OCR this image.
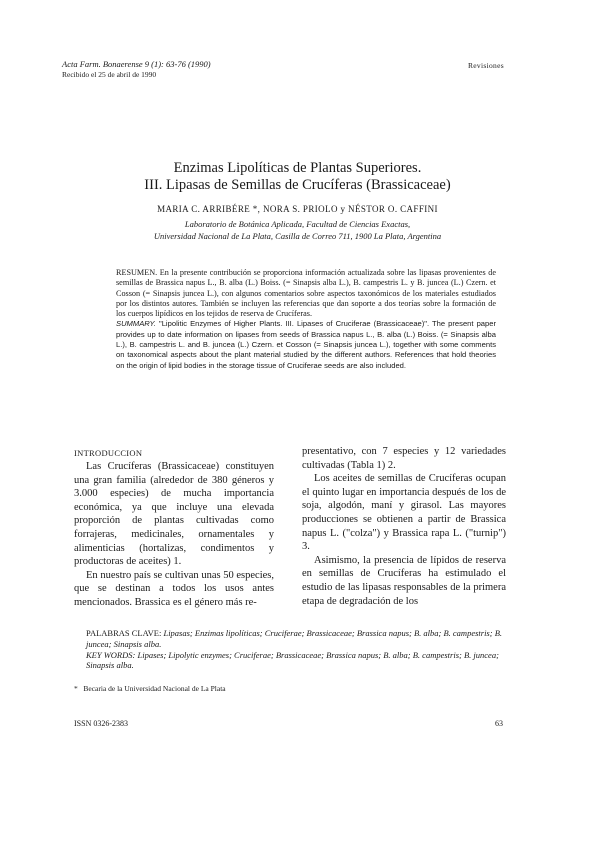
Acta Farm. Bonaerense 9 (1): 63-76 (1990)
Recibido el 25 de abril de 1990
Revisiones
Enzimas Lipolíticas de Plantas Superiores.
III. Lipasas de Semillas de Crucíferas (Brassicaceae)
MARIA C. ARRIBÉRE *, NORA S. PRIOLO y NÉSTOR O. CAFFINI
Laboratorio de Botánica Aplicada, Facultad de Ciencias Exactas,
Universidad Nacional de La Plata, Casilla de Correo 711, 1900 La Plata, Argentina

RESUMEN. En la presente contribución se proporciona información actualizada sobre las lipasas provenientes de semillas de Brassica napus L., B. alba (L.) Boiss. (= Sinapsis alba L.), B. campestris L. y B. juncea (L.) Czern. et Cosson (= Sinapsis juncea L.), con algunos comentarios sobre aspectos taxonómicos de los materiales estudiados por los distintos autores. También se incluyen las referencias que dan soporte a dos teorías sobre la formación de los cuerpos lipídicos en los tejidos de reserva de Crucíferas.

SUMMARY. "Lipolitic Enzymes of Higher Plants. III. Lipases of Cruciferae (Brassicaceae)". The present paper provides up to date information on lipases from seeds of Brassica napus L., B. alba (L.) Boiss. (= Sinapsis alba L.), B. campestris L. and B. juncea (L.) Czern. et Cosson (= Sinapsis juncea L.), together with some comments on taxonomical aspects about the plant material studied by the different authors. References that hold theories on the origin of lipid bodies in the storage tissue of Cruciferae seeds are also included.

INTRODUCCION

Las Crucíferas (Brassicaceae) constituyen una gran familia (alrededor de 380 géneros y 3.000 especies) de mucha importancia económica, ya que incluye una elevada proporción de plantas cultivadas como forrajeras, medicinales, ornamentales y alimenticias (hortalizas, condimentos y productoras de aceites) 1.

En nuestro país se cultivan unas 50 especies, que se destinan a todos los usos antes mencionados. Brassica es el género más re-

presentativo, con 7 especies y 12 variedades cultivadas (Tabla 1) 2.

Los aceites de semillas de Crucíferas ocupan el quinto lugar en importancia después de los de soja, algodón, maní y girasol. Las mayores producciones se obtienen a partir de Brassica napus L. ("colza") y Brassica rapa L. ("turnip") 3.

Asimismo, la presencia de lípidos de reserva en semillas de Crucíferas ha estimulado el estudio de las lipasas responsables de la primera etapa de degradación de los

PALABRAS CLAVE: Lipasas; Enzimas lipolíticas; Cruciferae; Brassicaceae; Brassica napus; B. alba; B. campestris; B. juncea; Sinapsis alba.

KEY WORDS: Lipases; Lipolytic enzymes; Cruciferae; Brassicaceae; Brassica napus; B. alba; B. campestris; B. juncea; Sinapsis alba.

* Becaria de la Universidad Nacional de La Plata
ISSN 0326-2383	63
